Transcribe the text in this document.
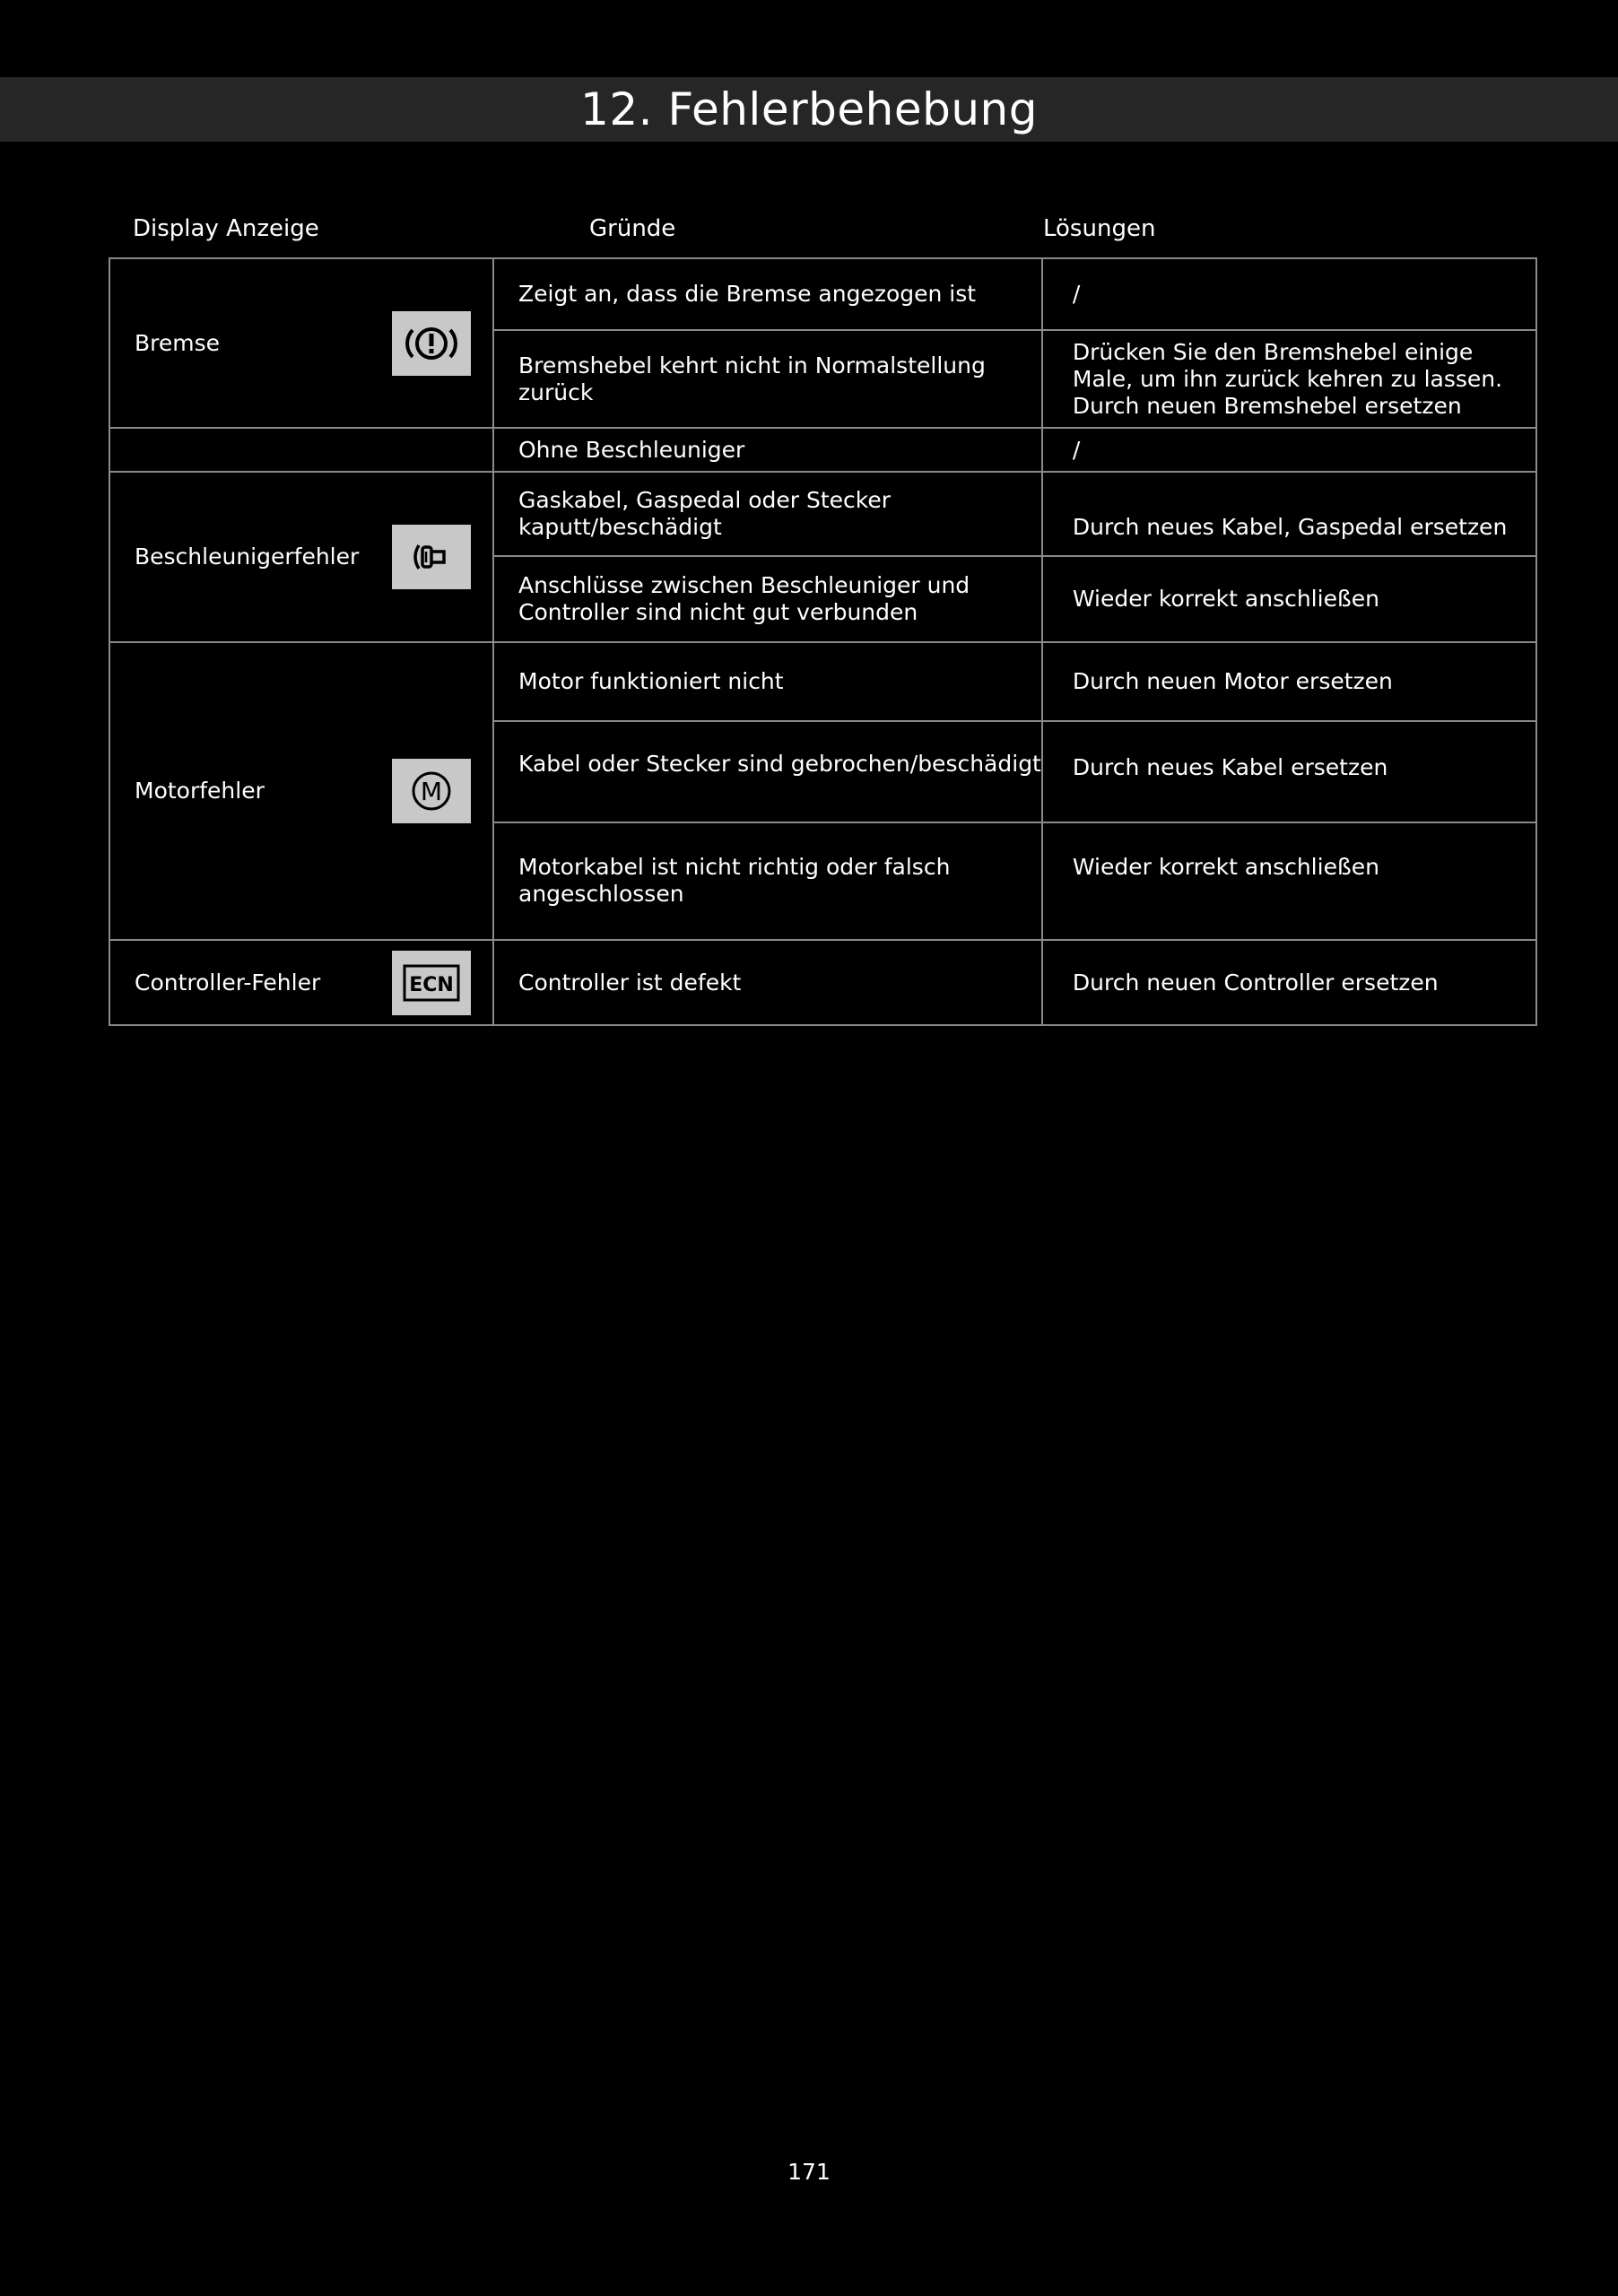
12. Fehlerbehebung
Display Anzeige	Gründe	Lösungen
Bremse	Zeigt an, dass die Bremse angezogen ist	/
	Bremshebel kehrt nicht in Normalstellung zurück	Drücken Sie den Bremshebel einige Male, um ihn zurück kehren zu lassen. Durch neuen Bremshebel ersetzen
	Ohne Beschleuniger	/

Beschleunigerfehler	Gaskabel, Gaspedal oder Stecker kaputt/beschädigt	Durch neues Kabel, Gaspedal ersetzen
	Anschlüsse zwischen Beschleuniger und Controller sind nicht gut verbunden	Wieder korrekt anschließen

Motorfehler M	Motor funktioniert nicht	Durch neuen Motor ersetzen
	Kabel oder Stecker sind gebrochen/beschädigt	Durch neues Kabel ersetzen
	Motorkabel ist nicht richtig oder falsch angeschlossen	Wieder korrekt anschließen

Controller-Fehler ECN	Controller ist defekt	Durch neuen Controller ersetzen
171
